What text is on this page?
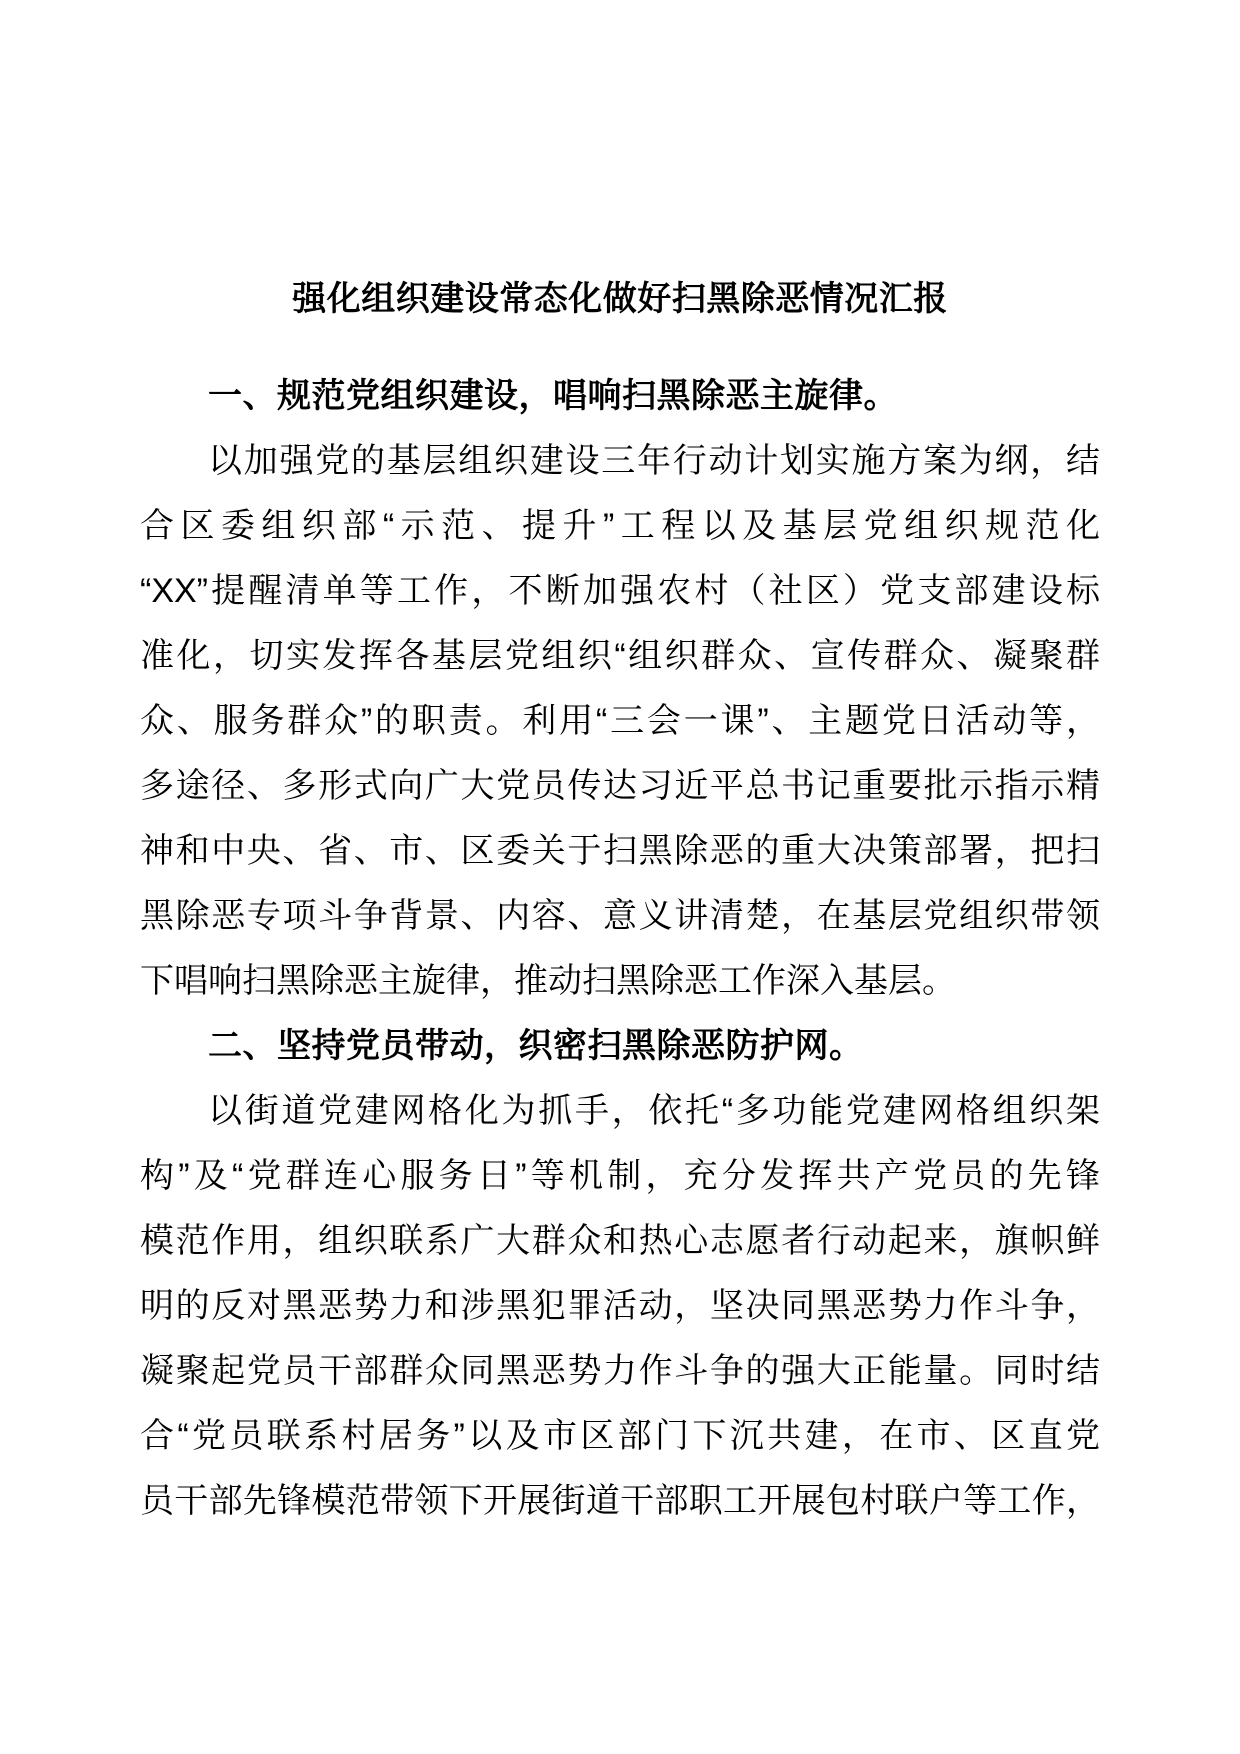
强化组织建设常态化做好扫黑除恶情况汇报
一、规范党组织建设，唱响扫黑除恶主旋律。
以加强党的基层组织建设三年行动计划实施方案为纲，结
合区委组织部“示范、提升”工程以及基层党组织规范化
“XX”提醒清单等工作，不断加强农村（社区）党支部建设标
准化，切实发挥各基层党组织“组织群众、宣传群众、凝聚群
众、服务群众”的职责。利用“三会一课”、主题党日活动等，
多途径、多形式向广大党员传达习近平总书记重要批示指示精
神和中央、省、市、区委关于扫黑除恶的重大决策部署，把扫
黑除恶专项斗争背景、内容、意义讲清楚，在基层党组织带领
下唱响扫黑除恶主旋律，推动扫黑除恶工作深入基层。
二、坚持党员带动，织密扫黑除恶防护网。
以街道党建网格化为抓手，依托“多功能党建网格组织架
构”及“党群连心服务日”等机制，充分发挥共产党员的先锋
模范作用，组织联系广大群众和热心志愿者行动起来，旗帜鲜
明的反对黑恶势力和涉黑犯罪活动，坚决同黑恶势力作斗争，
凝聚起党员干部群众同黑恶势力作斗争的强大正能量。同时结
合“党员联系村居务”以及市区部门下沉共建，在市、区直党
员干部先锋模范带领下开展街道干部职工开展包村联户等工作，
